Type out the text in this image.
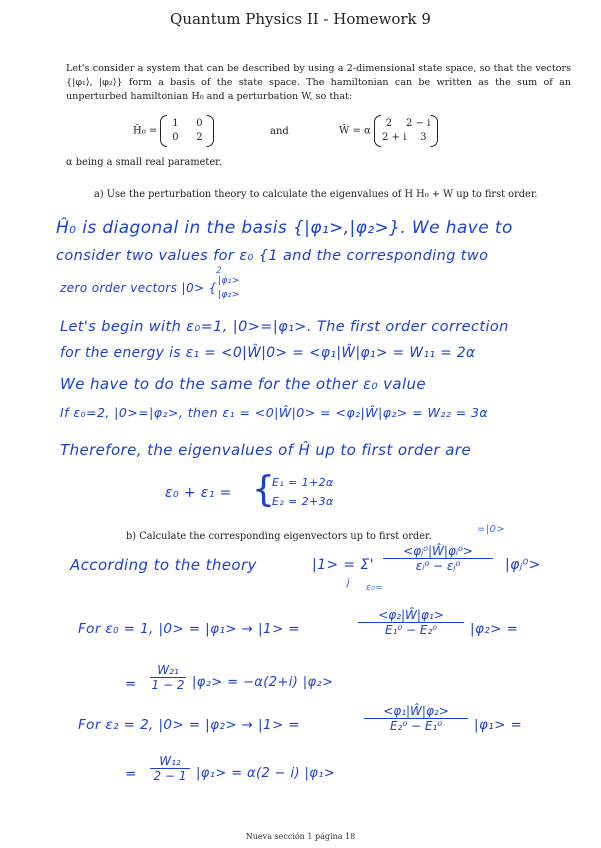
Quantum Physics II - Homework 9
Let's consider a system that can be described by using a 2-dimensional state space, so that the vectors {|φ₁⟩, |φ₂⟩} form a basis of the state space. The hamiltonian can be written as the sum of an unperturbed hamiltonian H₀ and a perturbation W, so that:
Ĥ₀ =
1	0
0	2
and	Ŵ = α
2	2 − i
2 + i	3
α being a small real parameter.
a) Use the perturbation theory to calculate the eigenvalues of H H₀ + W up to first order.
Ĥ₀ is diagonal in the basis {|φ₁>,|φ₂>}. We have to
consider two values for ε₀ {1 and the corresponding two
2
zero order vectors |0> { |φ₁>
|φ₂>
Let's begin with ε₀=1, |0>=|φ₁>. The first order correction
for the energy is ε₁ = <0|Ŵ|0> = <φ₁|Ŵ|φ₁> = W₁₁ = 2α
We have to do the same for the other ε₀ value
If ε₀=2, |0>=|φ₂>, then ε₁ = <0|Ŵ|0> = <φ₂|Ŵ|φ₂> = W₂₂ = 3α
Therefore, the eigenvalues of Ĥ up to first order are
ε₀ + ε₁ = {
E₁ = 1+2α
E₂ = 2+3α
b) Calculate the corresponding eigenvectors up to first order.
=|0>
According to the theory	|1> = Σ'
j
$\frac{\text{<φⱼ⁰|Ŵ|φᵢ⁰>}}{\text{εᵢ⁰ − εⱼ⁰}}$
ε₀=
|φⱼ⁰>
For ε₀ = 1, |0> = |φ₁> → |1> =	$\frac{\text{<φ₂|Ŵ|φ₁>}}{\text{E₁⁰ − E₂⁰}} |\varphi_2>$ =
= $\frac{\text{W₂₁}}{1 - 2} |\varphi_2> = -\alpha(2+i)$ |φ₂>
For ε₂ = 2, |0> = |φ₂> → |1> =	$\frac{\text{<φ₁|Ŵ|φ₂>}}{\text{E₂⁰ − E₁⁰}} |\varphi_1>$ =
= $\frac{\text{W₁₂}}{2 - 1} |\varphi_1> = \alpha(2 - i)$ |φ₁>
Nueva sección 1 página 18
